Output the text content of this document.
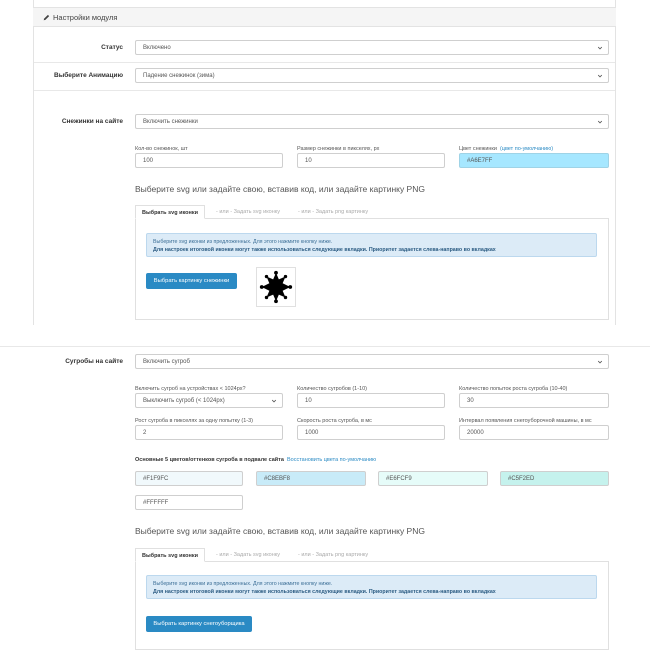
Настройки модуля
Статус	Включено
Выберите Анимацию	Падение снежинок (зима)
Снежинки на сайте	Включить снежинки
Кол-во снежинок, шт
100
Размер снежинки в пикселях, px
10
Цвет снежинки (цвет по-умолчанию)
#A6E7FF
Выберите svg или задайте свою, вставив код, или задайте картинку PNG
Выбрать svg иконки	- или - Задать svg иконку	- или - Задать png картинку
Выберите svg иконки из предложенных. Для этого нажмите кнопку ниже.
Для настроек итоговой иконки могут также использоваться следующие вкладки. Приоритет задается слева-направо во вкладках
Выбрать картинку снежинки
Сугробы на сайте	Включить сугроб
Включить сугроб на устройствах < 1024px?
Выключить сугроб (< 1024px)
Количество сугробов (1-10)
10
Количество попыток роста сугроба (10-40)
30
Рост сугроба в пикселях за одну попытку (1-3)
2
Скорость роста сугроба, в мс
1000
Интервал появления снегоуборочной машины, в мс
20000
Основные 5 цветов/оттенков сугроба в подвале сайта Восстановить цвета по-умолчанию
#F1F9FC	#C8EBF8	#E6FCF9	#C5F2ED
#FFFFFF
Выберите svg или задайте свою, вставив код, или задайте картинку PNG
Выбрать svg иконки	- или - Задать svg иконку	- или - Задать png картинку
Выберите svg иконки из предложенных. Для этого нажмите кнопку ниже.
Для настроек итоговой иконки могут также использоваться следующие вкладки. Приоритет задается слева-направо во вкладках
Выбрать картинку снегоуборщика
